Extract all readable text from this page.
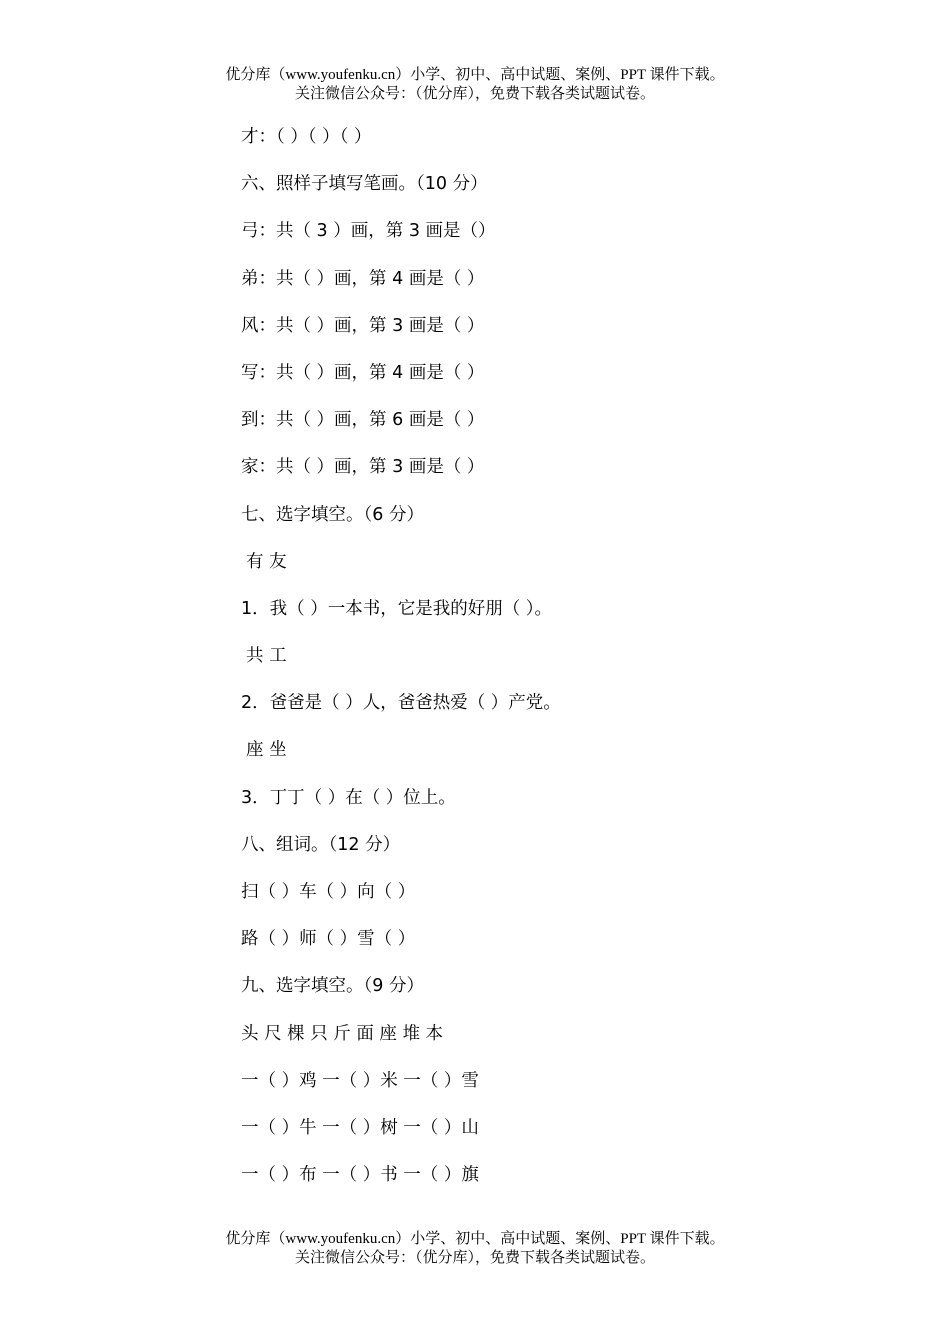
优分库（www.youfenku.cn）小学、初中、高中试题、案例、PPT 课件下载。
关注微信公众号：（优分库），免费下载各类试题试卷。
才：（ ）（ ）（ ）
六、照样子填写笔画。（10 分）
弓：共（ 3 ）画，第 3 画是（）
弟：共（ ）画，第 4 画是（ ）
风：共（ ）画，第 3 画是（ ）
写：共（ ）画，第 4 画是（ ）
到：共（ ）画，第 6 画是（ ）
家：共（ ）画，第 3 画是（ ）
七、选字填空。（6 分）
有 友
1．我（ ）一本书，它是我的好朋（ ）。
共 工
2．爸爸是（ ）人，爸爸热爱（ ）产党。
座 坐
3．丁丁（ ）在（ ）位上。
八、组词。（12 分）
扫（ ）车（ ）向（ ）
路（ ）师（ ）雪（ ）
九、选字填空。（9 分）
头 尺 棵 只 斤 面 座 堆 本
一（ ）鸡 一（ ）米 一（ ）雪
一（ ）牛 一（ ）树 一（ ）山
一（ ）布 一（ ）书 一（ ）旗
优分库（www.youfenku.cn）小学、初中、高中试题、案例、PPT 课件下载。
关注微信公众号：（优分库），免费下载各类试题试卷。
